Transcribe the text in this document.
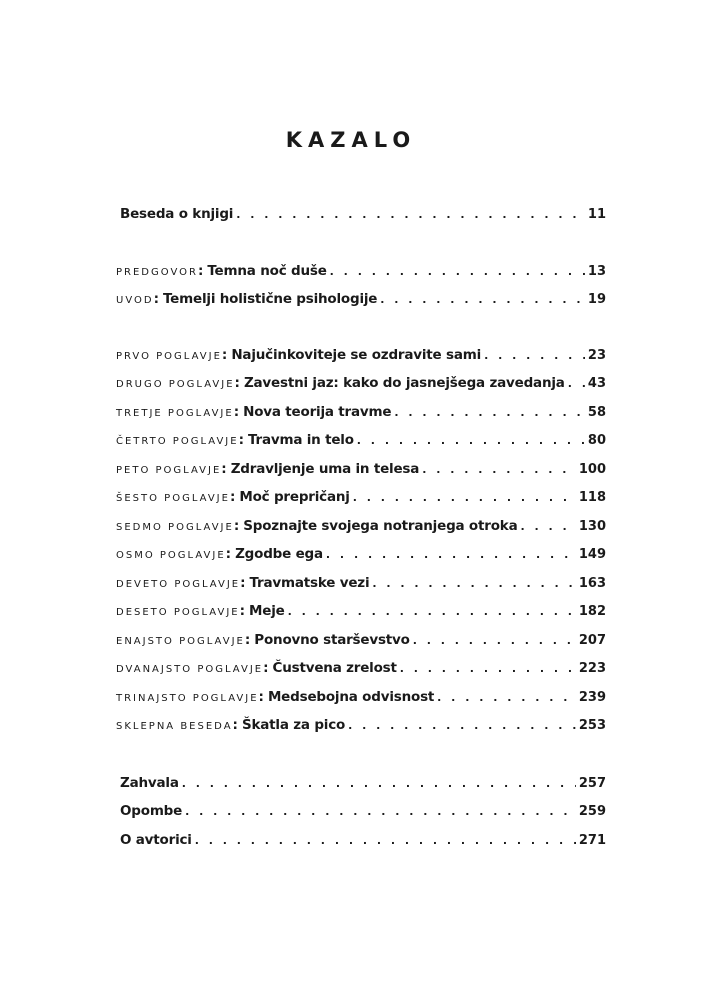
KAZALO
Beseda o knjigi . . .	11
PREDGOVOR: Temna noč duše . . .	13
UVOD: Temelji holistične psihologije . . .	19
PRVO POGLAVJE: Najučinkoviteje se ozdravite sami . . .	23
DRUGO POGLAVJE: Zavestni jaz: kako do jasnejšega zavedanja . . . 43
TRETJE POGLAVJE: Nova teorija travme . . .	58
ČETRTO POGLAVJE: Travma in telo . . .	80
PETO POGLAVJE: Zdravljenje uma in telesa . . .	100
ŠESTO POGLAVJE: Moč prepričanj . . .	118
SEDMO POGLAVJE: Spoznajte svojega notranjega otroka . . .	130
OSMO POGLAVJE: Zgodbe ega . . .	149
DEVETO POGLAVJE: Travmatske vezi . . .	163
DESETO POGLAVJE: Meje . . .	182
ENAJSTO POGLAVJE: Ponovno starševstvo . . .	207
DVANAJSTO POGLAVJE: Čustvena zrelost . . .	223
TRINAJSTO POGLAVJE: Medsebojna odvisnost . . .	239
SKLEPNA BESEDA: Škatla za pico . . .	253
Zahvala . . .	257
Opombe . . .	259
O avtorici . . .	271
